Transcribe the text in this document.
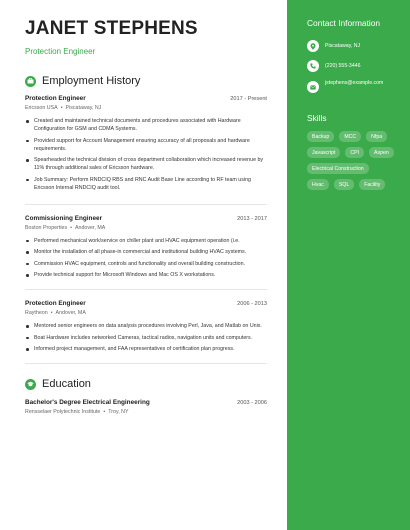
JANET STEPHENS
Protection Engineer
Employment History
Protection Engineer	2017 - Present
Ericsson USA • Piscataway, NJ
Created and maintained technical documents and procedures associated with Hardware Configuration for GSM and CDMA Systems.
Provided support for Account Management ensuring accuracy of all proposals and hardware requirements.
Spearheaded the technical division of cross department collaboration which increased revenue by 11% through additional sales of Ericsson hardware.
Job Summary: Perform RNDCIQ RBS and RNC Audit Base Line according to RF team using Ericsson Internal RNDCIQ audit tool.
Commissioning Engineer	2013 - 2017
Boston Properties • Andover, MA
Performed mechanical work/service on chiller plant and HVAC equipment operation (i.e.
Monitor the installation of all phase-in commercial and institutional building HVAC systems.
Commission HVAC equipment, controls and functionality and overall building construction.
Provide technical support for Microsoft Windows and Mac OS X workstations.
Protection Engineer	2006 - 2013
Raytheon • Andover, MA
Mentored senior engineers on data analysis procedures involving Perl, Java, and Matlab on Unix.
Boat Hardware includes networked Cameras, tactical radios, navigation units and computers.
Informed project management, and FAA representatives of certification plan progress.
Education
Bachelor's Degree Electrical Engineering	2003 - 2006
Rensselaer Polytechnic Institute • Troy, NY
Contact Information
Piscataway, NJ
(220) 555-3446
jstephens@example.com
Skills
Backup	MCC	Nfpa
Javascript	CPI	Aspen
Electrical Construction
Hvac	SQL	Facility
